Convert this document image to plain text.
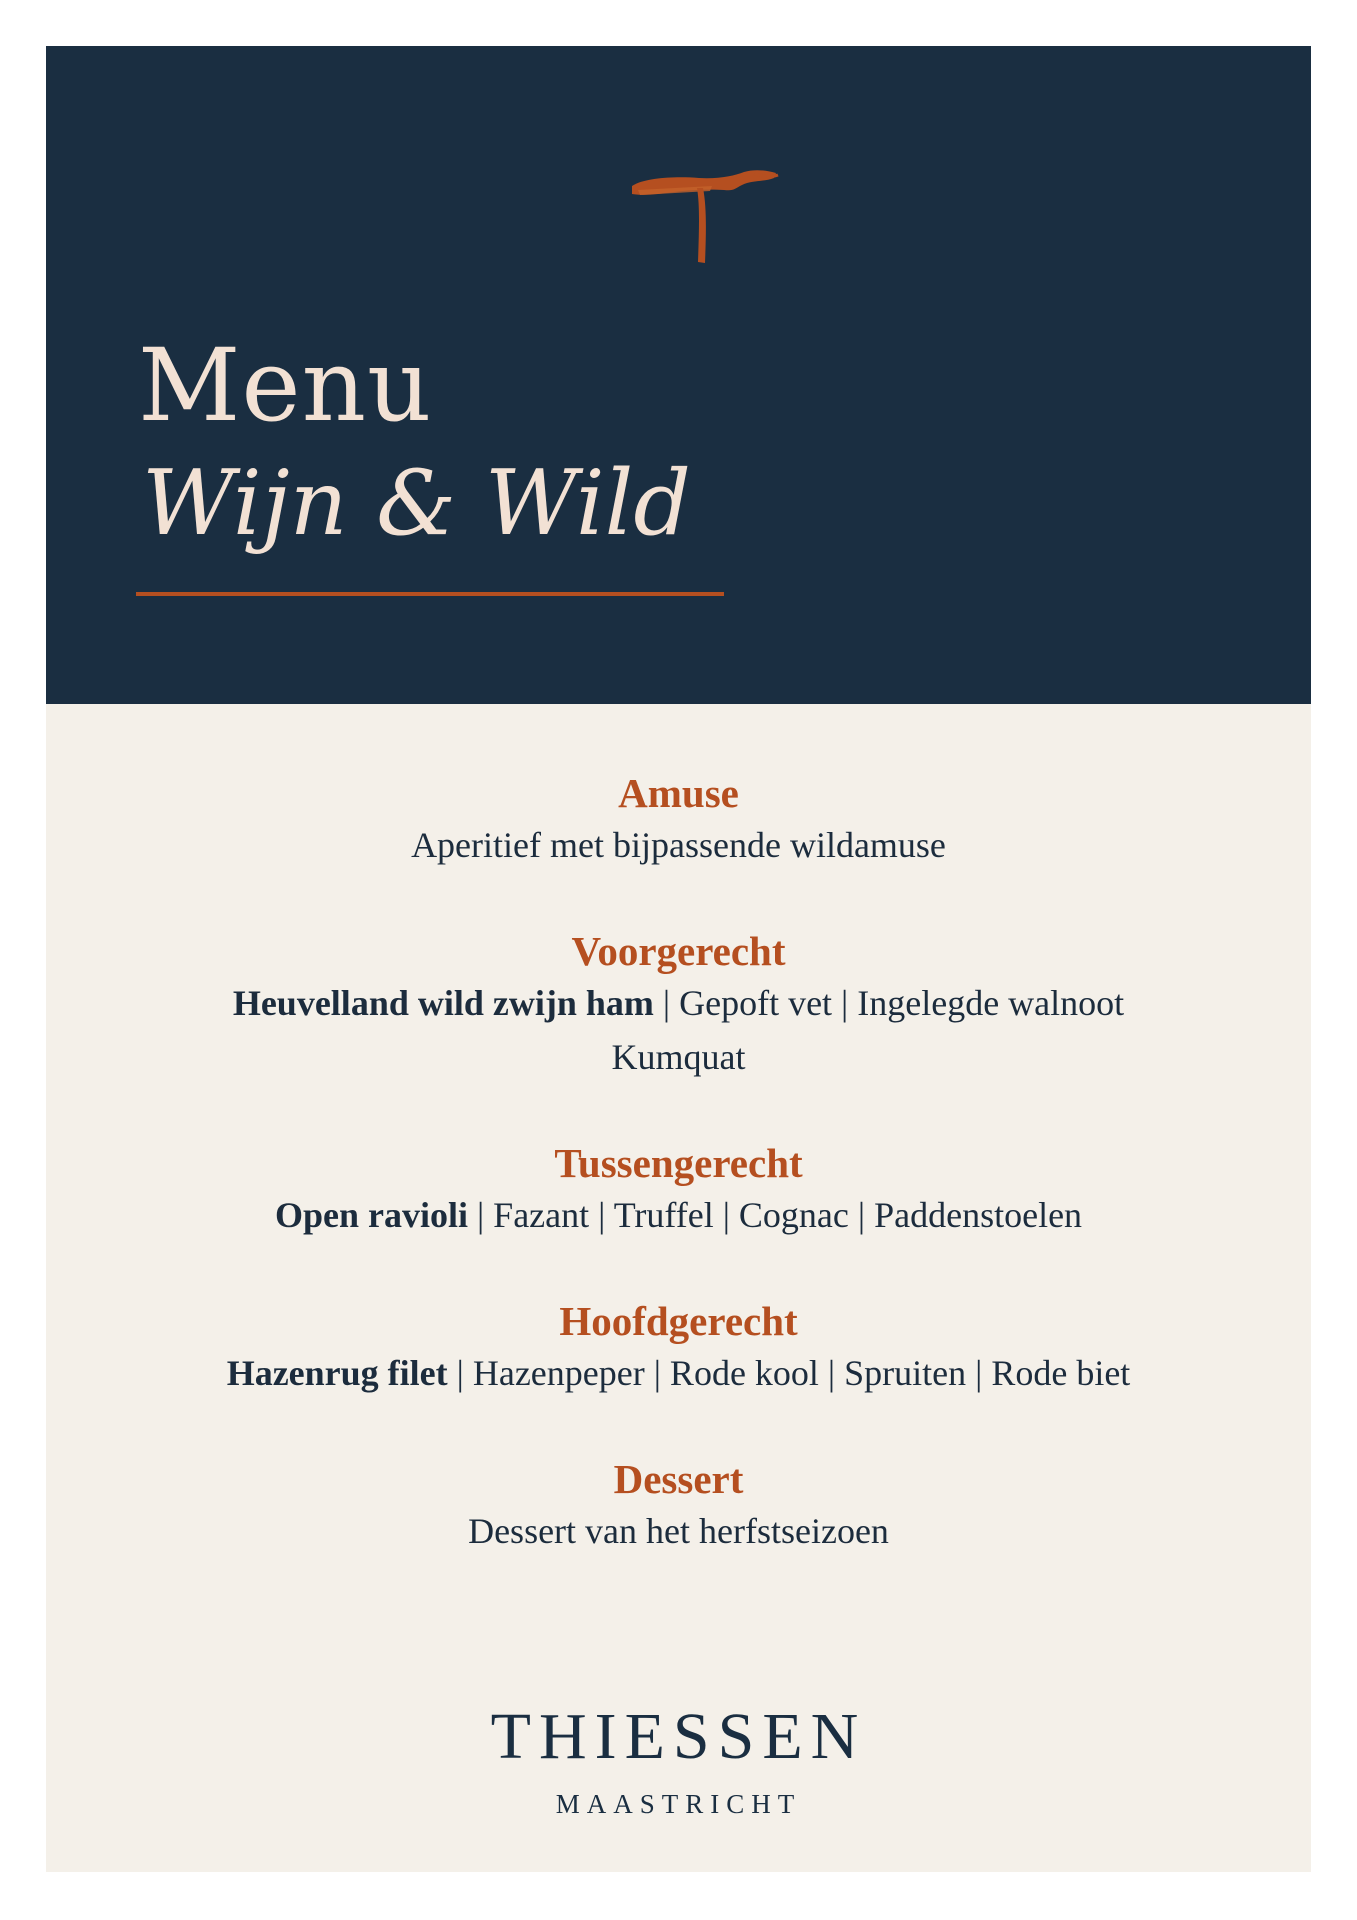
Menu
Wijn & Wild

Amuse

Aperitief met bijpassende wildamuse

Voorgerecht

Heuvelland wild zwijn ham | Gepoft vet | Ingelegde walnoot

Kumquat

Tussengerecht

Open ravioli | Fazant | Truffel | Cognac | Paddenstoelen

Hoofdgerecht

Hazenrug filet | Hazenpeper | Rode kool | Spruiten | Rode biet

Dessert

Dessert van het herfstseizoen

THIESSEN

MAASTRICHT
